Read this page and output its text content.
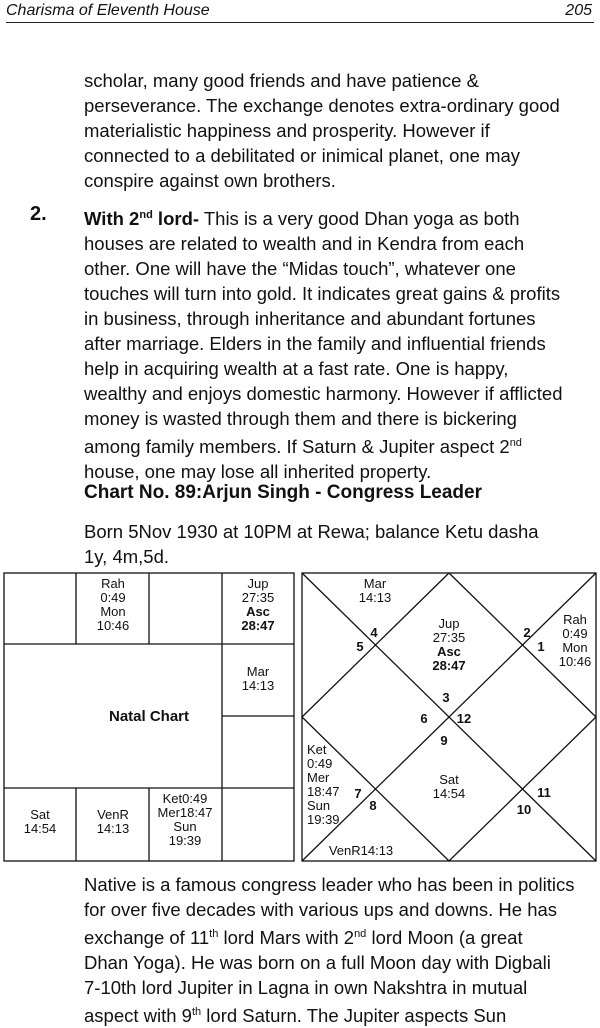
Charisma of Eleventh House	205
scholar, many good friends and have patience &
perseverance. The exchange denotes extra-ordinary good
materialistic happiness and prosperity. However if
connected to a debilitated or inimical planet, one may
conspire against own brothers.
2. With 2nd lord- This is a very good Dhan yoga as both
houses are related to wealth and in Kendra from each
other. One will have the “Midas touch”, whatever one
touches will turn into gold. It indicates great gains & profits
in business, through inheritance and abundant fortunes
after marriage. Elders in the family and influential friends
help in acquiring wealth at a fast rate. One is happy,
wealthy and enjoys domestic harmony. However if afflicted
money is wasted through them and there is bickering
among family members. If Saturn & Jupiter aspect 2nd
house, one may lose all inherited property.
Chart No. 89:Arjun Singh - Congress Leader
Born 5Nov 1930 at 10PM at Rewa; balance Ketu dasha
1y, 4m,5d.
Rah
0:49
Mon
10:46
Jup
27:35
Asc
28:47
Mar
14:13
Natal Chart
Sat
14:54
VenR
14:13
Ket0:49
Mer18:47
Sun
19:39
Mar
14:13
Jup
27:35
Asc
28:47
Rah
0:49
Mon
10:46
Sat
14:54
VenR14:13
Ket
0:49
Mer
18:47
Sun
19:39
4
5
2
1
3
6 12
9
7
8
11
10
Native is a famous congress leader who has been in politics
for over five decades with various ups and downs. He has
exchange of 11th lord Mars with 2nd lord Moon (a great
Dhan Yoga). He was born on a full Moon day with Digbali
7-10th lord Jupiter in Lagna in own Nakshtra in mutual
aspect with 9th lord Saturn. The Jupiter aspects Sun
